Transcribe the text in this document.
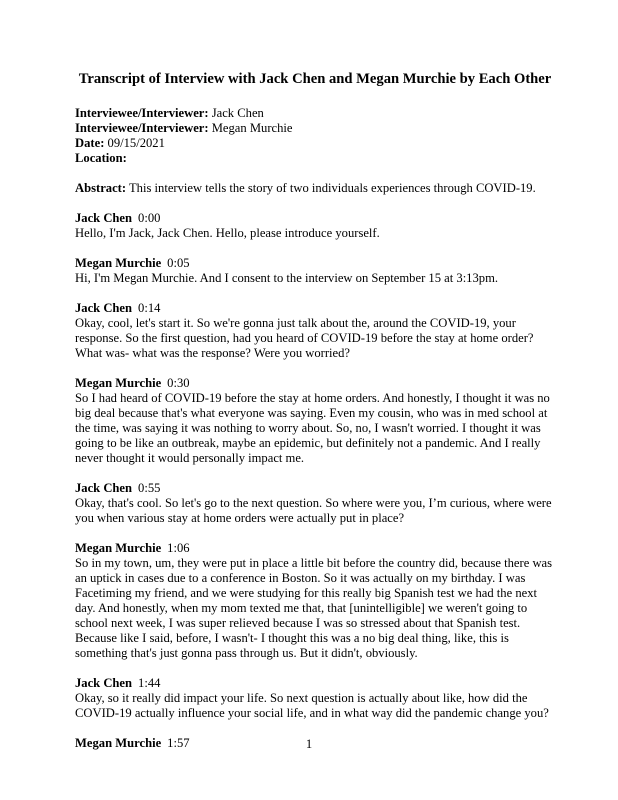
Transcript of Interview with Jack Chen and Megan Murchie by Each Other

Interviewee/Interviewer: Jack Chen

Interviewee/Interviewer: Megan Murchie

Date: 09/15/2021

Location:

Abstract: This interview tells the story of two individuals experiences through COVID-19.

Jack Chen 0:00

Hello, I'm Jack, Jack Chen. Hello, please introduce yourself.

Megan Murchie 0:05

Hi, I'm Megan Murchie. And I consent to the interview on September 15 at 3:13pm.

Jack Chen 0:14

Okay, cool, let's start it. So we're gonna just talk about the, around the COVID-19, your response. So the first question, had you heard of COVID-19 before the stay at home order? What was- what was the response? Were you worried?

Megan Murchie 0:30

So I had heard of COVID-19 before the stay at home orders. And honestly, I thought it was no big deal because that's what everyone was saying. Even my cousin, who was in med school at the time, was saying it was nothing to worry about. So, no, I wasn't worried. I thought it was going to be like an outbreak, maybe an epidemic, but definitely not a pandemic. And I really never thought it would personally impact me.

Jack Chen 0:55

Okay, that's cool. So let's go to the next question. So where were you, I’m curious, where were you when various stay at home orders were actually put in place?

Megan Murchie 1:06

So in my town, um, they were put in place a little bit before the country did, because there was an uptick in cases due to a conference in Boston. So it was actually on my birthday. I was Facetiming my friend, and we were studying for this really big Spanish test we had the next day. And honestly, when my mom texted me that, that [unintelligible] we weren't going to school next week, I was super relieved because I was so stressed about that Spanish test. Because like I said, before, I wasn't- I thought this was a no big deal thing, like, this is something that's just gonna pass through us. But it didn't, obviously.

Jack Chen 1:44

Okay, so it really did impact your life. So next question is actually about like, how did the COVID-19 actually influence your social life, and in what way did the pandemic change you?

Megan Murchie 1:57	1
